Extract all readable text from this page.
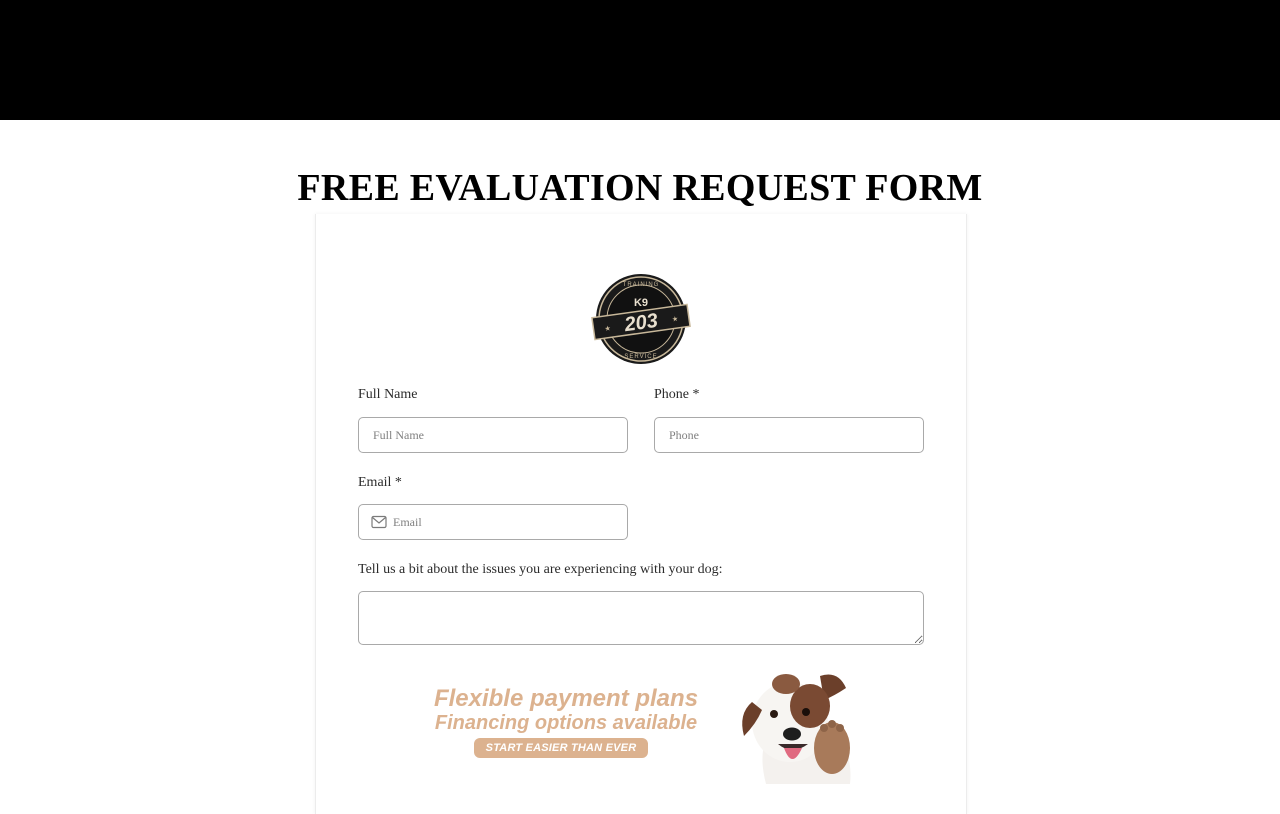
FREE EVALUATION REQUEST FORM
TRAINING
K9
203
★
★
SERVICE
Full Name
Full Name	Phone *
Phone
Email *
Email
Tell us a bit about the issues you are experiencing with your dog:
Flexible payment plans
Financing options available
START EASIER THAN EVER
